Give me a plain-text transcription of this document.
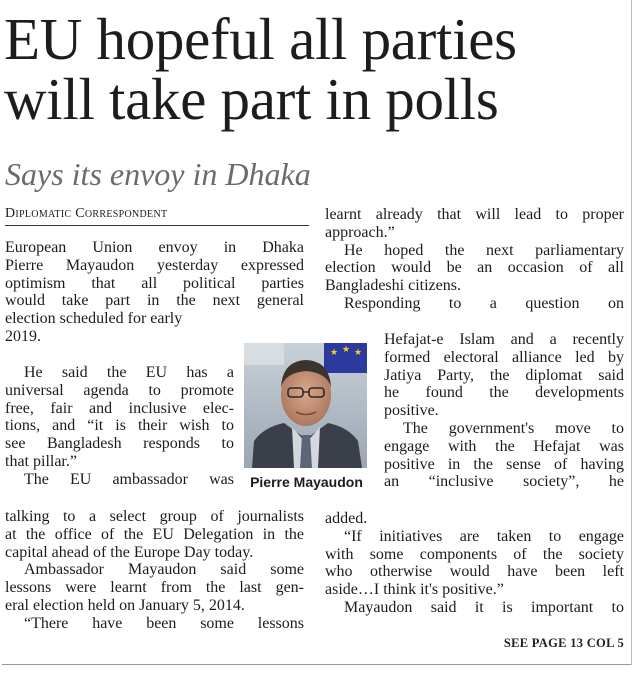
EU hopeful all parties
will take part in polls
Says its envoy in Dhaka
Diplomatic Correspondent
European Union envoy in Dhaka
Pierre Mayaudon yesterday expressed
optimism that all political parties
would take part in the next general
election scheduled for early
2019.
He said the EU has a
universal agenda to promote
free, fair and inclusive elec-
tions, and “it is their wish to
see Bangladesh responds to
that pillar.”
The EU ambassador was
talking to a select group of journalists
at the office of the EU Delegation in the
capital ahead of the Europe Day today.
Ambassador Mayaudon said some
lessons were learnt from the last gen-
eral election held on January 5, 2014.
“There have been some lessons
learnt already that will lead to proper
approach.”
He hoped the next parliamentary
election would be an occasion of all
Bangladeshi citizens.
Responding to a question on
Hefajat-e Islam and a recently
formed electoral alliance led by
Jatiya Party, the diplomat said
he found the developments
positive.
The government's move to
engage with the Hefajat was
positive in the sense of having
an “inclusive society”, he
added.
“If initiatives are taken to engage
with some components of the society
who otherwise would have been left
aside…I think it's positive.”
Mayaudon said it is important to
★ ★ ★
Pierre Mayaudon
SEE PAGE 13 COL 5
